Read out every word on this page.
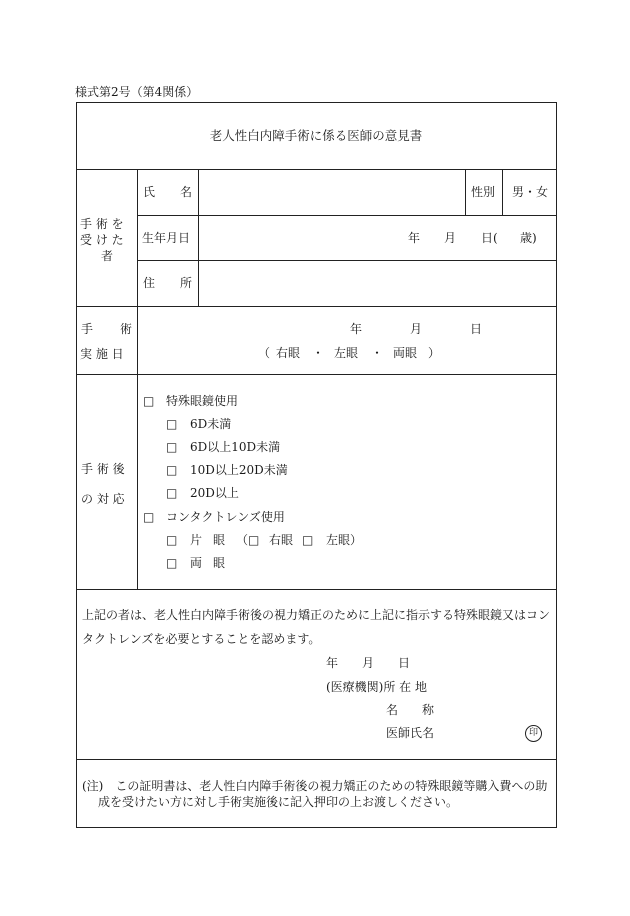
様式第2号（第4関係）
老人性白内障手術に係る医師の意見書
手 術 を
受 け た
者
氏 名	性別 男・女
生年月日	年 月 日( 歳)
住 所
手 術
実 施 日
年	月	日
（ 右眼 ・ 左眼 ・ 両眼 ）
手 術 後
の 対 応
□ 特殊眼鏡使用
□ 6D未満
□ 6D以上10D未満
□ 10D以上20D未満
□ 20D以上
□ コンタクトレンズ使用
□ 片 眼 （□ 右眼 □ 左眼）
□ 両 眼
上記の者は、老人性白内障手術後の視力矯正のために上記に指示する特殊眼鏡又はコン
タクトレンズを必要とすることを認めます。
年 月 日
(医療機関)所 在 地
名 称
医師氏名	印
(注)　この証明書は、老人性白内障手術後の視力矯正のための特殊眼鏡等購入費への助
成を受けたい方に対し手術実施後に記入押印の上お渡しください。
